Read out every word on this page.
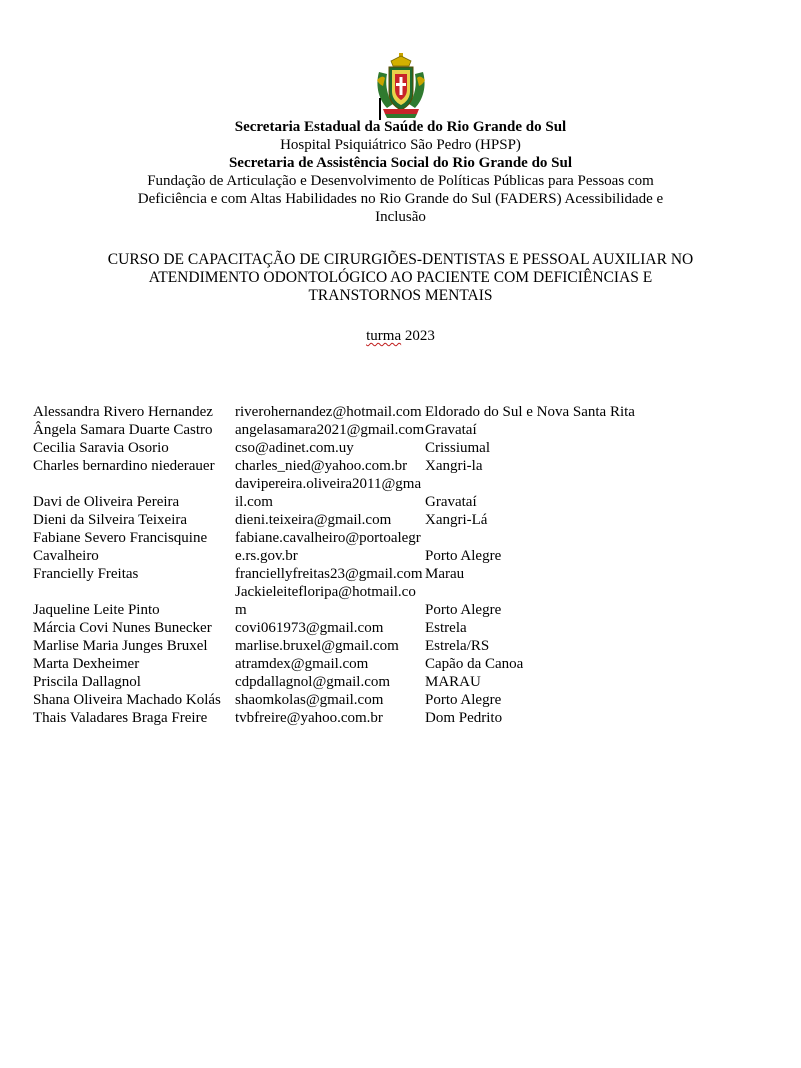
Secretaria Estadual da Saúde do Rio Grande do Sul
Hospital Psiquiátrico São Pedro (HPSP)
Secretaria de Assistência Social do Rio Grande do Sul
Fundação de Articulação e Desenvolvimento de Políticas Públicas para Pessoas com
Deficiência e com Altas Habilidades no Rio Grande do Sul (FADERS) Acessibilidade e
Inclusão
CURSO DE CAPACITAÇÃO DE CIRURGIÕES-DENTISTAS E PESSOAL AUXILIAR NO
ATENDIMENTO ODONTOLÓGICO AO PACIENTE COM DEFICIÊNCIAS E
TRANSTORNOS MENTAIS
turma 2023
Alessandra Rivero Hernandez	riverohernandez@hotmail.com	Eldorado do Sul e Nova Santa Rita
Ângela Samara Duarte Castro	angelasamara2021@gmail.com	Gravataí
Cecilia Saravia Osorio	cso@adinet.com.uy	Crissiumal
Charles bernardino niederauer	charles_nied@yahoo.com.br	Xangri-la
Davi de Oliveira Pereira	davipereira.oliveira2011@gmail.com	Gravataí
Dieni da Silveira Teixeira	dieni.teixeira@gmail.com	Xangri-Lá
Fabiane Severo Francisquine Cavalheiro	fabiane.cavalheiro@portoalegre.rs.gov.br	Porto Alegre
Francielly Freitas	franciellyfreitas23@gmail.com	Marau
Jaqueline Leite Pinto	Jackieleitefloripa@hotmail.com	Porto Alegre
Márcia Covi Nunes Bunecker	covi061973@gmail.com	Estrela
Marlise Maria Junges Bruxel	marlise.bruxel@gmail.com	Estrela/RS
Marta Dexheimer	atramdex@gmail.com	Capão da Canoa
Priscila Dallagnol	cdpdallagnol@gmail.com	MARAU
Shana Oliveira Machado Kolás	shaomkolas@gmail.com	Porto Alegre
Thais Valadares Braga Freire	tvbfreire@yahoo.com.br	Dom Pedrito
